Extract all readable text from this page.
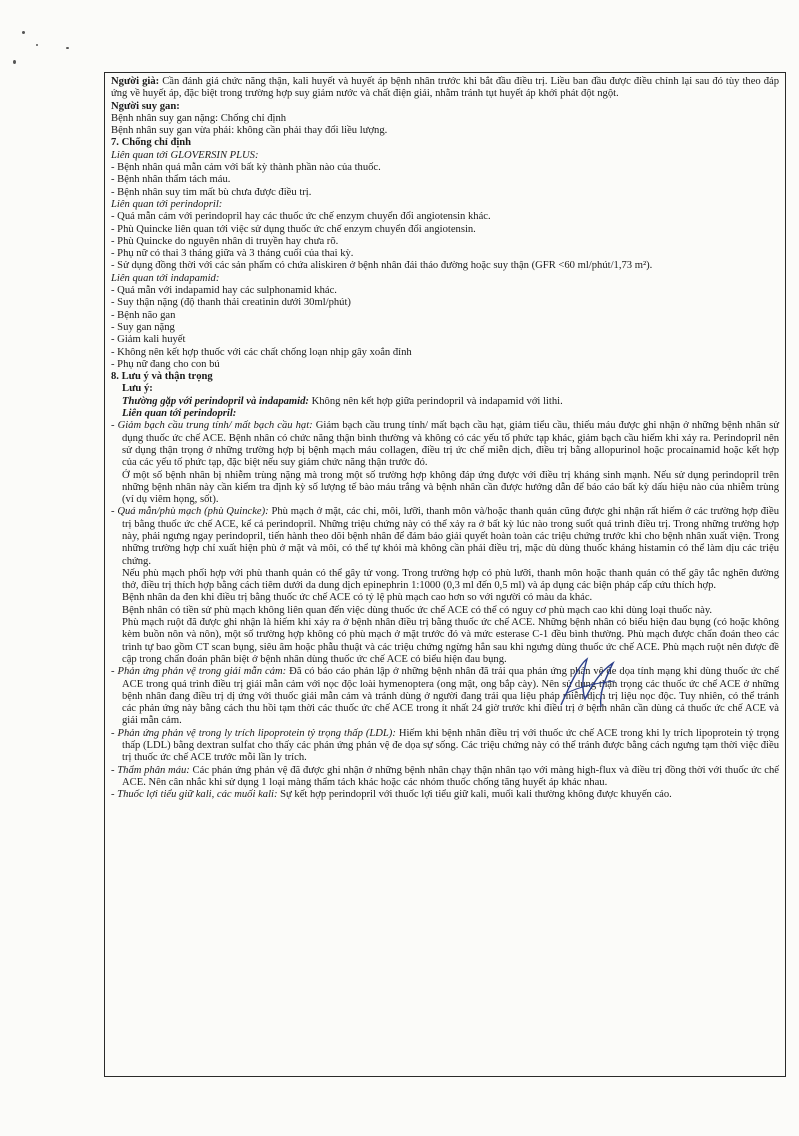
Người già: Cần đánh giá chức năng thận, kali huyết và huyết áp bệnh nhân trước khi bắt đầu điều trị. Liều ban đầu được điều chỉnh lại sau đó tùy theo đáp ứng về huyết áp, đặc biệt trong trường hợp suy giảm nước và chất điện giải, nhằm tránh tụt huyết áp khởi phát đột ngột.

Người suy gan:

Bệnh nhân suy gan nặng: Chống chỉ định

Bệnh nhân suy gan vừa phải: không cần phải thay đổi liều lượng.

7. Chống chỉ định

Liên quan tới GLOVERSIN PLUS:

- Bệnh nhân quá mẫn cảm với bất kỳ thành phần nào của thuốc.

- Bệnh nhân thẩm tách máu.

- Bệnh nhân suy tim mất bù chưa được điều trị.

Liên quan tới perindopril:

- Quá mẫn cảm với perindopril hay các thuốc ức chế enzym chuyển đổi angiotensin khác.

- Phù Quincke liên quan tới việc sử dụng thuốc ức chế enzym chuyển đổi angiotensin.

- Phù Quincke do nguyên nhân di truyền hay chưa rõ.

- Phụ nữ có thai 3 tháng giữa và 3 tháng cuối của thai kỳ.

- Sử dụng đồng thời với các sản phẩm có chứa aliskiren ở bệnh nhân đái tháo đường hoặc suy thận (GFR <60 ml/phút/1,73 m²).

Liên quan tới indapamid:

- Quá mẫn với indapamid hay các sulphonamid khác.

- Suy thận nặng (độ thanh thải creatinin dưới 30ml/phút)

- Bệnh não gan

- Suy gan nặng

- Giảm kali huyết

- Không nên kết hợp thuốc với các chất chống loạn nhịp gây xoắn đỉnh

- Phụ nữ đang cho con bú

8. Lưu ý và thận trọng

Lưu ý:

Thường gặp với perindopril và indapamid: Không nên kết hợp giữa perindopril và indapamid với lithi.

Liên quan tới perindopril:

- Giảm bạch cầu trung tính/ mất bạch cầu hạt: Giảm bạch cầu trung tính/ mất bạch cầu hạt, giảm tiểu cầu, thiếu máu được ghi nhận ở những bệnh nhân sử dụng thuốc ức chế ACE. Bệnh nhân có chức năng thận bình thường và không có các yếu tố phức tạp khác, giảm bạch cầu hiếm khi xảy ra. Perindopril nên sử dụng thận trọng ở những trường hợp bị bệnh mạch máu collagen, điều trị ức chế miễn dịch, điều trị bằng allopurinol hoặc procainamid hoặc kết hợp của các yếu tố phức tạp, đặc biệt nếu suy giảm chức năng thận trước đó.

Ở một số bệnh nhân bị nhiễm trùng nặng mà trong một số trường hợp không đáp ứng được với điều trị kháng sinh mạnh. Nếu sử dụng perindopril trên những bệnh nhân này cần kiểm tra định kỳ số lượng tế bào máu trắng và bệnh nhân cần được hướng dẫn để báo cáo bất kỳ dấu hiệu nào của nhiễm trùng (ví dụ viêm họng, sốt).

- Quá mẫn/phù mạch (phù Quincke): Phù mạch ở mặt, các chi, môi, lưỡi, thanh môn và/hoặc thanh quản cũng được ghi nhận rất hiếm ở các trường hợp điều trị bằng thuốc ức chế ACE, kể cả perindopril. Những triệu chứng này có thể xảy ra ở bất kỳ lúc nào trong suốt quá trình điều trị. Trong những trường hợp này, phải ngưng ngay perindopril, tiến hành theo dõi bệnh nhân để đảm bảo giải quyết hoàn toàn các triệu chứng trước khi cho bệnh nhân xuất viện. Trong những trường hợp chỉ xuất hiện phù ở mặt và môi, có thể tự khỏi mà không cần phải điều trị, mặc dù dùng thuốc kháng histamin có thể làm dịu các triệu chứng.

Nếu phù mạch phối hợp với phù thanh quản có thể gây tử vong. Trong trường hợp có phù lưỡi, thanh môn hoặc thanh quản có thể gây tắc nghẽn đường thở, điều trị thích hợp bằng cách tiêm dưới da dung dịch epinephrin 1:1000 (0,3 ml đến 0,5 ml) và áp dụng các biện pháp cấp cứu thích hợp.

Bệnh nhân da đen khi điều trị bằng thuốc ức chế ACE có tỷ lệ phù mạch cao hơn so với người có màu da khác.

Bệnh nhân có tiền sử phù mạch không liên quan đến việc dùng thuốc ức chế ACE có thể có nguy cơ phù mạch cao khi dùng loại thuốc này.

Phù mạch ruột đã được ghi nhận là hiếm khi xảy ra ở bệnh nhân điều trị bằng thuốc ức chế ACE. Những bệnh nhân có biểu hiện đau bụng (có hoặc không kèm buồn nôn và nôn), một số trường hợp không có phù mạch ở mặt trước đó và mức esterase C-1 đều bình thường. Phù mạch được chẩn đoán theo các trình tự bao gồm CT scan bụng, siêu âm hoặc phẫu thuật và các triệu chứng ngừng hẳn sau khi ngưng dùng thuốc ức chế ACE. Phù mạch ruột nên được đề cập trong chẩn đoán phân biệt ở bệnh nhân dùng thuốc ức chế ACE có biểu hiện đau bụng.

- Phản ứng phản vệ trong giải mẫn cảm: Đã có báo cáo phản lập ở những bệnh nhân đã trải qua phản ứng phản vệ đe dọa tính mạng khi dùng thuốc ức chế ACE trong quá trình điều trị giải mẫn cảm với nọc độc loài hymenoptera (ong mật, ong bắp cày). Nên sử dụng thận trọng các thuốc ức chế ACE ở những bệnh nhân đang điều trị dị ứng với thuốc giải mẫn cảm và tránh dùng ở người đang trải qua liệu pháp miễn dịch trị liệu nọc độc. Tuy nhiên, có thể tránh các phản ứng này bằng cách thu hồi tạm thời các thuốc ức chế ACE trong ít nhất 24 giờ trước khi điều trị ở bệnh nhân cần dùng cả thuốc ức chế ACE và giải mẫn cảm.

- Phản ứng phản vệ trong ly trích lipoprotein tỷ trọng thấp (LDL): Hiếm khi bệnh nhân điều trị với thuốc ức chế ACE trong khi ly trích lipoprotein tỷ trọng thấp (LDL) bằng dextran sulfat cho thấy các phản ứng phản vệ đe dọa sự sống. Các triệu chứng này có thể tránh được bằng cách ngưng tạm thời việc điều trị thuốc ức chế ACE trước mỗi lần ly trích.

- Thẩm phân máu: Các phản ứng phản vệ đã được ghi nhận ở những bệnh nhân chạy thận nhân tạo với màng high-flux và điều trị đồng thời với thuốc ức chế ACE. Nên cân nhắc khi sử dụng 1 loại màng thẩm tách khác hoặc các nhóm thuốc chống tăng huyết áp khác nhau.

- Thuốc lợi tiểu giữ kali, các muối kali: Sự kết hợp perindopril với thuốc lợi tiểu giữ kali, muối kali thường không được khuyến cáo.
